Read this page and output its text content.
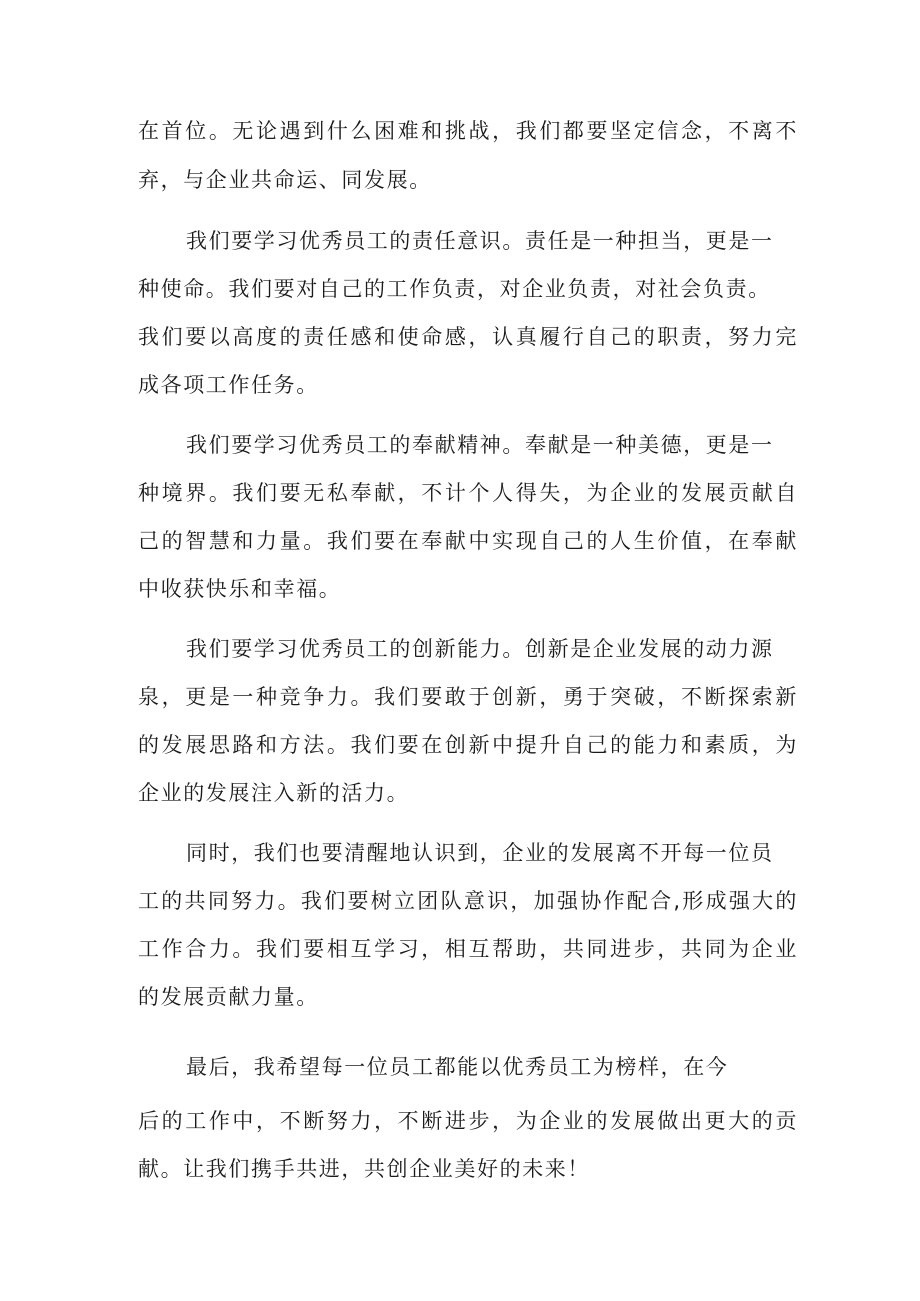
在首位。无论遇到什么困难和挑战，我们都要坚定信念，不离不
弃，与企业共命运、同发展。
我们要学习优秀员工的责任意识。责任是一种担当，更是一
种使命。我们要对自己的工作负责，对企业负责，对社会负责。
我们要以高度的责任感和使命感，认真履行自己的职责，努力完
成各项工作任务。
我们要学习优秀员工的奉献精神。奉献是一种美德，更是一
种境界。我们要无私奉献，不计个人得失，为企业的发展贡献自
己的智慧和力量。我们要在奉献中实现自己的人生价值，在奉献
中收获快乐和幸福。
我们要学习优秀员工的创新能力。创新是企业发展的动力源
泉，更是一种竞争力。我们要敢于创新，勇于突破，不断探索新
的发展思路和方法。我们要在创新中提升自己的能力和素质，为
企业的发展注入新的活力。
同时，我们也要清醒地认识到，企业的发展离不开每一位员
工的共同努力。我们要树立团队意识，加强协作配合,形成强大的
工作合力。我们要相互学习，相互帮助，共同进步，共同为企业
的发展贡献力量。
最后，我希望每一位员工都能以优秀员工为榜样，在今
后的工作中，不断努力，不断进步，为企业的发展做出更大的贡
献。让我们携手共进，共创企业美好的未来！
